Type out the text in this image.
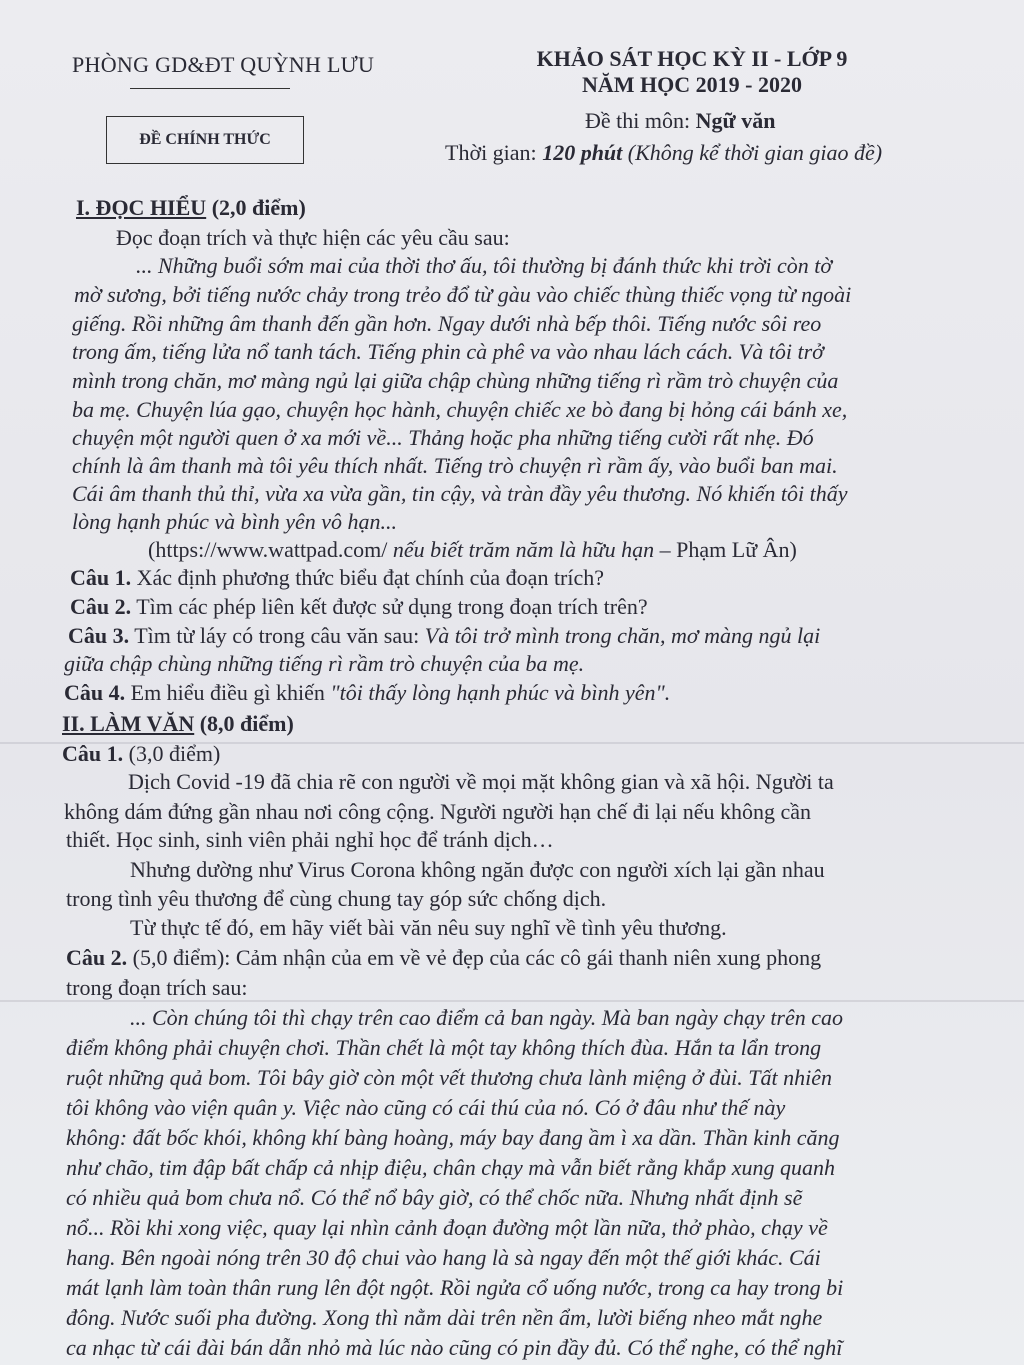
PHÒNG GD&ĐT QUỲNH LƯU
ĐỀ CHÍNH THỨC
KHẢO SÁT HỌC KỲ II - LỚP 9
NĂM HỌC 2019 - 2020
Đề thi môn: Ngữ văn
Thời gian: 120 phút (Không kể thời gian giao đề)
I. ĐỌC HIỂU (2,0 điểm)
Đọc đoạn trích và thực hiện các yêu cầu sau:
... Những buổi sớm mai của thời thơ ấu, tôi thường bị đánh thức khi trời còn tờ
mờ sương, bởi tiếng nước chảy trong trẻo đổ từ gàu vào chiếc thùng thiếc vọng từ ngoài
giếng. Rồi những âm thanh đến gần hơn. Ngay dưới nhà bếp thôi. Tiếng nước sôi reo
trong ấm, tiếng lửa nổ tanh tách. Tiếng phin cà phê va vào nhau lách cách. Và tôi trở
mình trong chăn, mơ màng ngủ lại giữa chập chùng những tiếng rì rầm trò chuyện của
ba mẹ. Chuyện lúa gạo, chuyện học hành, chuyện chiếc xe bò đang bị hỏng cái bánh xe,
chuyện một người quen ở xa mới về... Thảng hoặc pha những tiếng cười rất nhẹ. Đó
chính là âm thanh mà tôi yêu thích nhất. Tiếng trò chuyện rì rầm ấy, vào buổi ban mai.
Cái âm thanh thủ thỉ, vừa xa vừa gần, tin cậy, và tràn đầy yêu thương. Nó khiến tôi thấy
lòng hạnh phúc và bình yên vô hạn...
(https://www.wattpad.com/ nếu biết trăm năm là hữu hạn – Phạm Lữ Ân)
Câu 1. Xác định phương thức biểu đạt chính của đoạn trích?
Câu 2. Tìm các phép liên kết được sử dụng trong đoạn trích trên?
Câu 3. Tìm từ láy có trong câu văn sau: Và tôi trở mình trong chăn, mơ màng ngủ lại
giữa chập chùng những tiếng rì rầm trò chuyện của ba mẹ.
Câu 4. Em hiểu điều gì khiến "tôi thấy lòng hạnh phúc và bình yên".
II. LÀM VĂN (8,0 điểm)
Câu 1. (3,0 điểm)
Dịch Covid -19 đã chia rẽ con người về mọi mặt không gian và xã hội. Người ta
không dám đứng gần nhau nơi công cộng. Người người hạn chế đi lại nếu không cần
thiết. Học sinh, sinh viên phải nghỉ học để tránh dịch…
Nhưng dường như Virus Corona không ngăn được con người xích lại gần nhau
trong tình yêu thương để cùng chung tay góp sức chống dịch.
Từ thực tế đó, em hãy viết bài văn nêu suy nghĩ về tình yêu thương.
Câu 2. (5,0 điểm): Cảm nhận của em về vẻ đẹp của các cô gái thanh niên xung phong
trong đoạn trích sau:
... Còn chúng tôi thì chạy trên cao điểm cả ban ngày. Mà ban ngày chạy trên cao
điểm không phải chuyện chơi. Thần chết là một tay không thích đùa. Hắn ta lẩn trong
ruột những quả bom. Tôi bây giờ còn một vết thương chưa lành miệng ở đùi. Tất nhiên
tôi không vào viện quân y. Việc nào cũng có cái thú của nó. Có ở đâu như thế này
không: đất bốc khói, không khí bàng hoàng, máy bay đang ầm ì xa dần. Thần kinh căng
như chão, tim đập bất chấp cả nhịp điệu, chân chạy mà vẫn biết rằng khắp xung quanh
có nhiều quả bom chưa nổ. Có thể nổ bây giờ, có thể chốc nữa. Nhưng nhất định sẽ
nổ... Rồi khi xong việc, quay lại nhìn cảnh đoạn đường một lần nữa, thở phào, chạy về
hang. Bên ngoài nóng trên 30 độ chui vào hang là sà ngay đến một thế giới khác. Cái
mát lạnh làm toàn thân rung lên đột ngột. Rồi ngửa cổ uống nước, trong ca hay trong bi
đông. Nước suối pha đường. Xong thì nằm dài trên nền ẩm, lười biếng nheo mắt nghe
ca nhạc từ cái đài bán dẫn nhỏ mà lúc nào cũng có pin đầy đủ. Có thể nghe, có thể nghĩ
